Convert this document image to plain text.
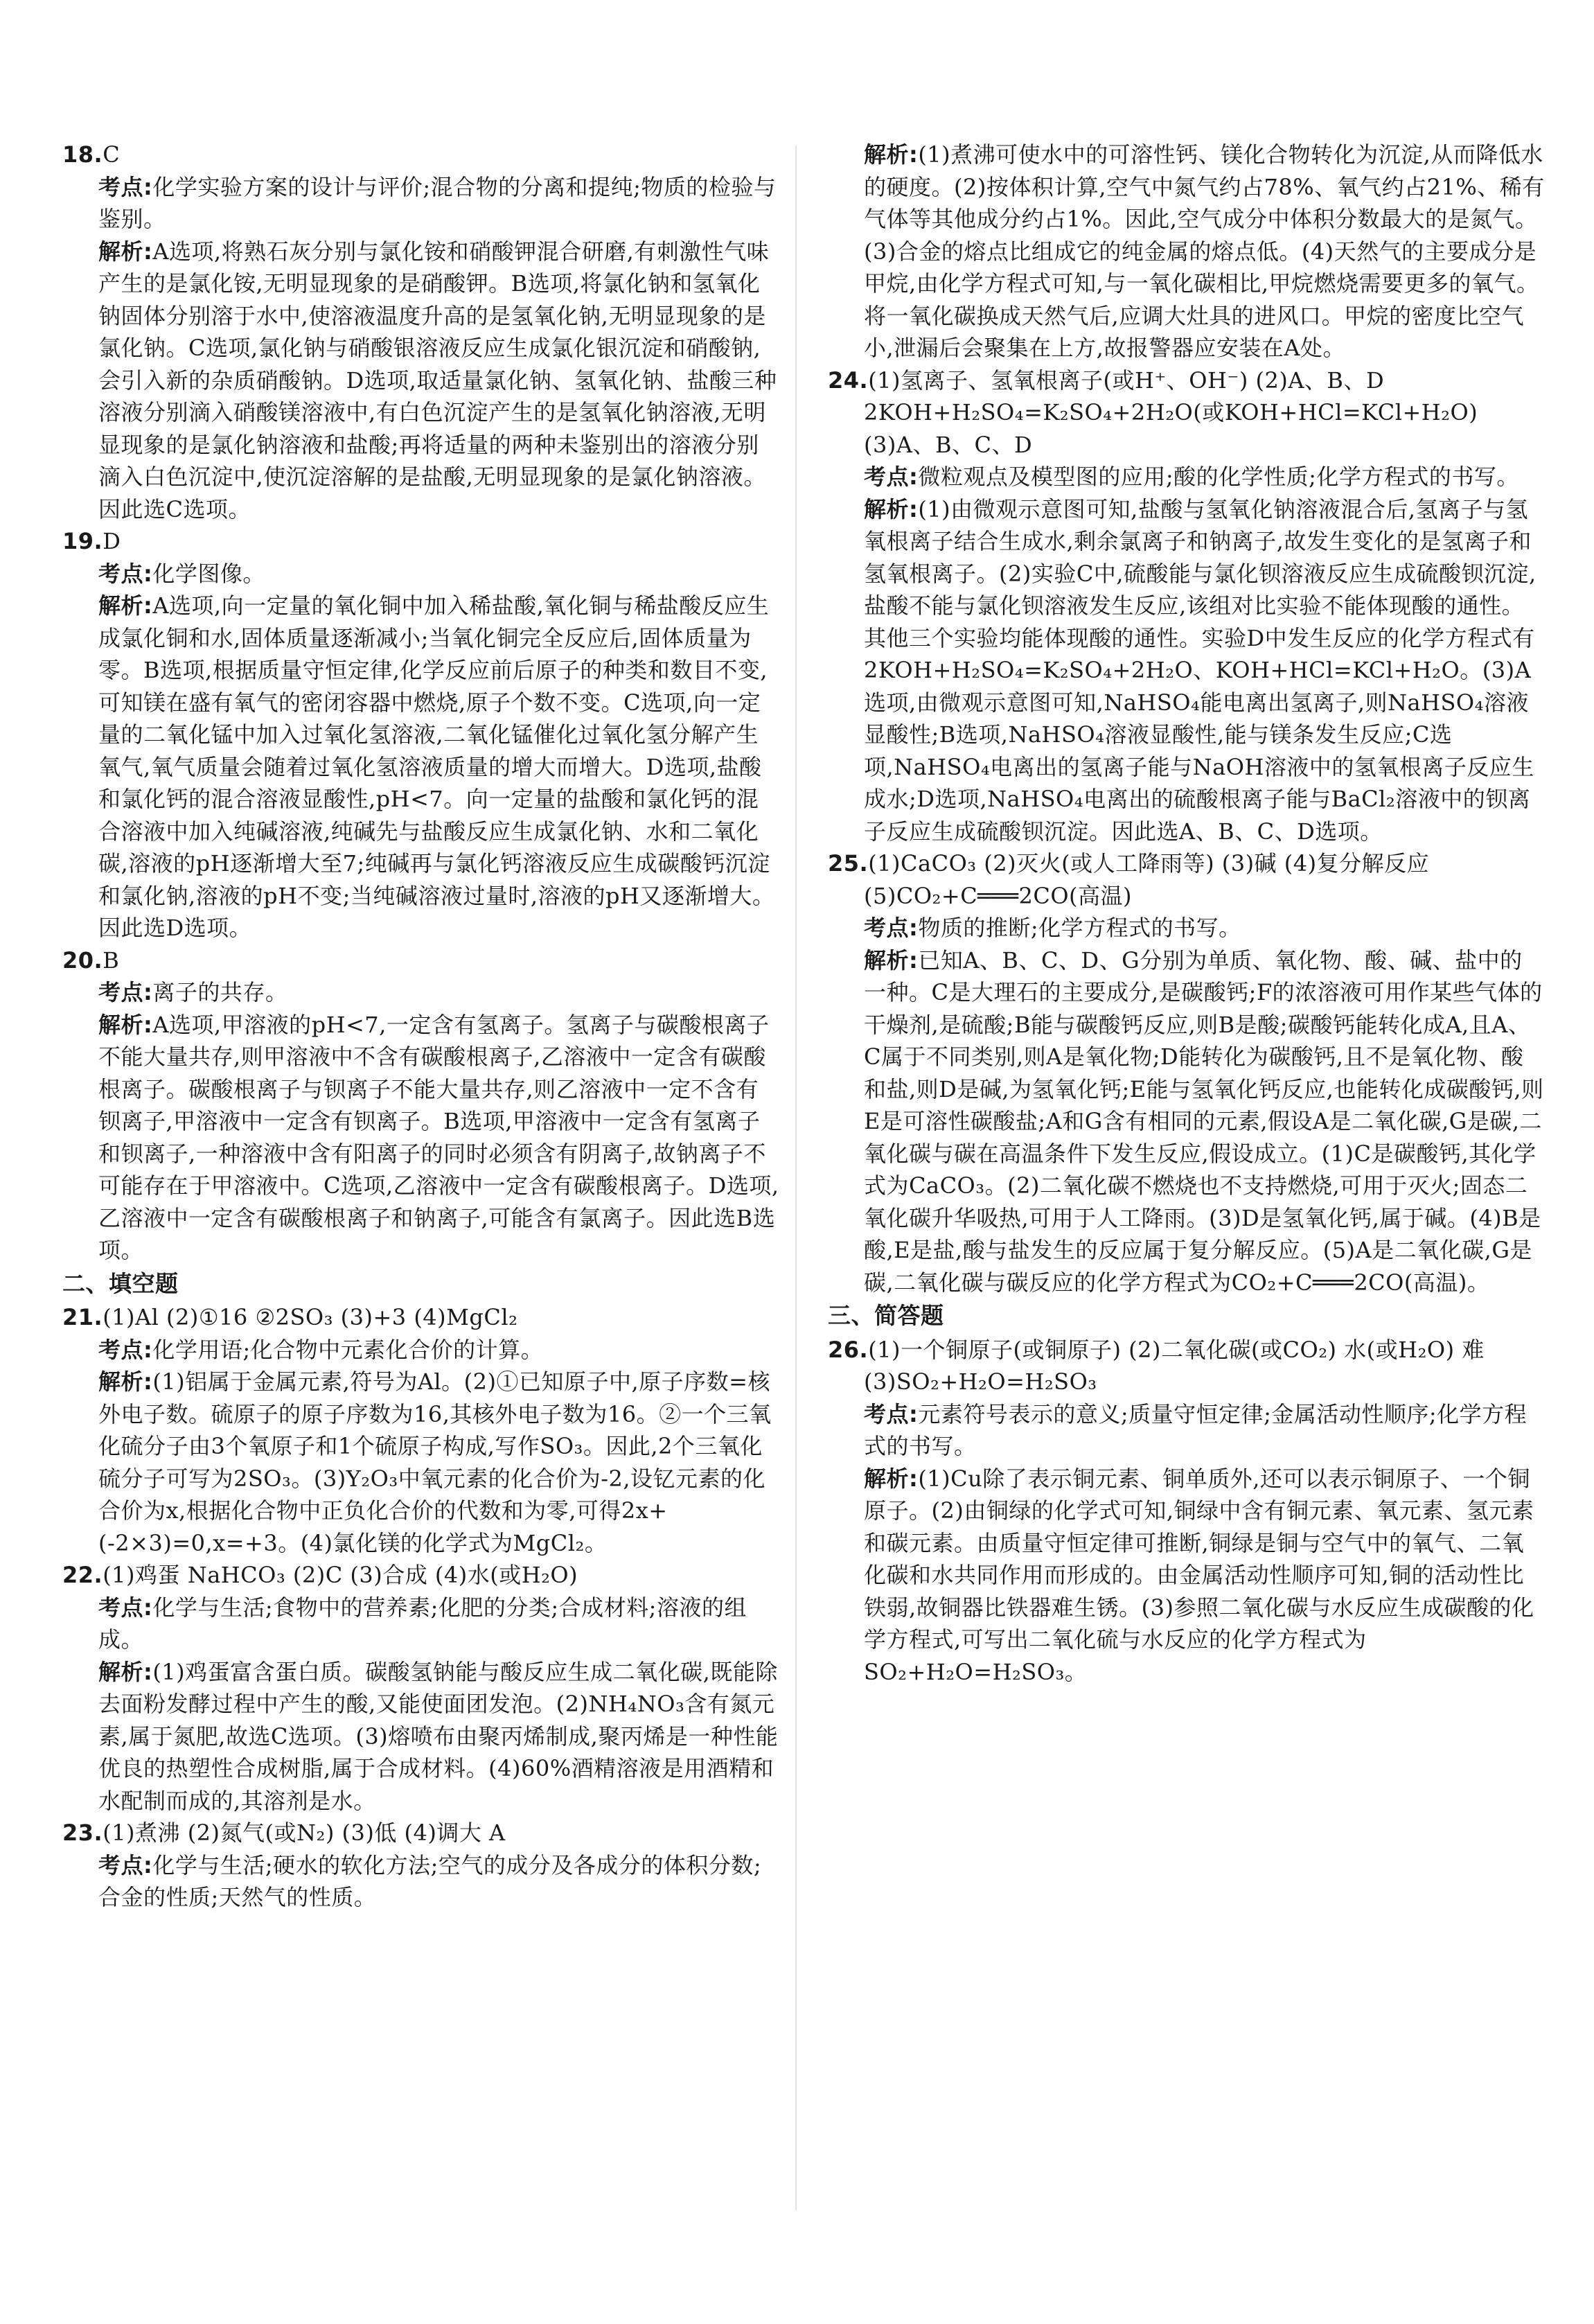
18.C

考点:化学实验方案的设计与评价;混合物的分离和提纯;物质的检验与鉴别。

解析:A选项,将熟石灰分别与氯化铵和硝酸钾混合研磨,有刺激性气味产生的是氯化铵,无明显现象的是硝酸钾。B选项,将氯化钠和氢氧化钠固体分别溶于水中,使溶液温度升高的是氢氧化钠,无明显现象的是氯化钠。C选项,氯化钠与硝酸银溶液反应生成氯化银沉淀和硝酸钠,会引入新的杂质硝酸钠。D选项,取适量氯化钠、氢氧化钠、盐酸三种溶液分别滴入硝酸镁溶液中,有白色沉淀产生的是氢氧化钠溶液,无明显现象的是氯化钠溶液和盐酸;再将适量的两种未鉴别出的溶液分别滴入白色沉淀中,使沉淀溶解的是盐酸,无明显现象的是氯化钠溶液。因此选C选项。

19.D

考点:化学图像。

解析:A选项,向一定量的氧化铜中加入稀盐酸,氧化铜与稀盐酸反应生成氯化铜和水,固体质量逐渐减小;当氧化铜完全反应后,固体质量为零。B选项,根据质量守恒定律,化学反应前后原子的种类和数目不变,可知镁在盛有氧气的密闭容器中燃烧,原子个数不变。C选项,向一定量的二氧化锰中加入过氧化氢溶液,二氧化锰催化过氧化氢分解产生氧气,氧气质量会随着过氧化氢溶液质量的增大而增大。D选项,盐酸和氯化钙的混合溶液显酸性,pH<7。向一定量的盐酸和氯化钙的混合溶液中加入纯碱溶液,纯碱先与盐酸反应生成氯化钠、水和二氧化碳,溶液的pH逐渐增大至7;纯碱再与氯化钙溶液反应生成碳酸钙沉淀和氯化钠,溶液的pH不变;当纯碱溶液过量时,溶液的pH又逐渐增大。因此选D选项。

20.B

考点:离子的共存。

解析:A选项,甲溶液的pH<7,一定含有氢离子。氢离子与碳酸根离子不能大量共存,则甲溶液中不含有碳酸根离子,乙溶液中一定含有碳酸根离子。碳酸根离子与钡离子不能大量共存,则乙溶液中一定不含有钡离子,甲溶液中一定含有钡离子。B选项,甲溶液中一定含有氢离子和钡离子,一种溶液中含有阳离子的同时必须含有阴离子,故钠离子不可能存在于甲溶液中。C选项,乙溶液中一定含有碳酸根离子。D选项,乙溶液中一定含有碳酸根离子和钠离子,可能含有氯离子。因此选B选项。

二、填空题

21.(1)Al (2)①16 ②2SO₃ (3)+3 (4)MgCl₂

考点:化学用语;化合物中元素化合价的计算。

解析:(1)铝属于金属元素,符号为Al。(2)①已知原子中,原子序数=核外电子数。硫原子的原子序数为16,其核外电子数为16。②一个三氧化硫分子由3个氧原子和1个硫原子构成,写作SO₃。因此,2个三氧化硫分子可写为2SO₃。(3)Y₂O₃中氧元素的化合价为-2,设钇元素的化合价为x,根据化合物中正负化合价的代数和为零,可得2x+(-2×3)=0,x=+3。(4)氯化镁的化学式为MgCl₂。

22.(1)鸡蛋 NaHCO₃ (2)C (3)合成 (4)水(或H₂O)

考点:化学与生活;食物中的营养素;化肥的分类;合成材料;溶液的组成。

解析:(1)鸡蛋富含蛋白质。碳酸氢钠能与酸反应生成二氧化碳,既能除去面粉发酵过程中产生的酸,又能使面团发泡。(2)NH₄NO₃含有氮元素,属于氮肥,故选C选项。(3)熔喷布由聚丙烯制成,聚丙烯是一种性能优良的热塑性合成树脂,属于合成材料。(4)60%酒精溶液是用酒精和水配制而成的,其溶剂是水。

23.(1)煮沸 (2)氮气(或N₂) (3)低 (4)调大 A

考点:化学与生活;硬水的软化方法;空气的成分及各成分的体积分数;合金的性质;天然气的性质。

解析:(1)煮沸可使水中的可溶性钙、镁化合物转化为沉淀,从而降低水的硬度。(2)按体积计算,空气中氮气约占78%、氧气约占21%、稀有气体等其他成分约占1%。因此,空气成分中体积分数最大的是氮气。(3)合金的熔点比组成它的纯金属的熔点低。(4)天然气的主要成分是甲烷,由化学方程式可知,与一氧化碳相比,甲烷燃烧需要更多的氧气。将一氧化碳换成天然气后,应调大灶具的进风口。甲烷的密度比空气小,泄漏后会聚集在上方,故报警器应安装在A处。

24.(1)氢离子、氢氧根离子(或H⁺、OH⁻) (2)A、B、D 2KOH+H₂SO₄=K₂SO₄+2H₂O(或KOH+HCl=KCl+H₂O) (3)A、B、C、D

考点:微粒观点及模型图的应用;酸的化学性质;化学方程式的书写。

解析:(1)由微观示意图可知,盐酸与氢氧化钠溶液混合后,氢离子与氢氧根离子结合生成水,剩余氯离子和钠离子,故发生变化的是氢离子和氢氧根离子。(2)实验C中,硫酸能与氯化钡溶液反应生成硫酸钡沉淀,盐酸不能与氯化钡溶液发生反应,该组对比实验不能体现酸的通性。其他三个实验均能体现酸的通性。实验D中发生反应的化学方程式有2KOH+H₂SO₄=K₂SO₄+2H₂O、KOH+HCl=KCl+H₂O。(3)A选项,由微观示意图可知,NaHSO₄能电离出氢离子,则NaHSO₄溶液显酸性;B选项,NaHSO₄溶液显酸性,能与镁条发生反应;C选项,NaHSO₄电离出的氢离子能与NaOH溶液中的氢氧根离子反应生成水;D选项,NaHSO₄电离出的硫酸根离子能与BaCl₂溶液中的钡离子反应生成硫酸钡沉淀。因此选A、B、C、D选项。

25.(1)CaCO₃ (2)灭火(或人工降雨等) (3)碱 (4)复分解反应 (5)CO₂+C═══2CO(高温)

考点:物质的推断;化学方程式的书写。

解析:已知A、B、C、D、G分别为单质、氧化物、酸、碱、盐中的一种。C是大理石的主要成分,是碳酸钙;F的浓溶液可用作某些气体的干燥剂,是硫酸;B能与碳酸钙反应,则B是酸;碳酸钙能转化成A,且A、C属于不同类别,则A是氧化物;D能转化为碳酸钙,且不是氧化物、酸和盐,则D是碱,为氢氧化钙;E能与氢氧化钙反应,也能转化成碳酸钙,则E是可溶性碳酸盐;A和G含有相同的元素,假设A是二氧化碳,G是碳,二氧化碳与碳在高温条件下发生反应,假设成立。(1)C是碳酸钙,其化学式为CaCO₃。(2)二氧化碳不燃烧也不支持燃烧,可用于灭火;固态二氧化碳升华吸热,可用于人工降雨。(3)D是氢氧化钙,属于碱。(4)B是酸,E是盐,酸与盐发生的反应属于复分解反应。(5)A是二氧化碳,G是碳,二氧化碳与碳反应的化学方程式为CO₂+C═══2CO(高温)。

三、简答题

26.(1)一个铜原子(或铜原子) (2)二氧化碳(或CO₂) 水(或H₂O) 难 (3)SO₂+H₂O=H₂SO₃

考点:元素符号表示的意义;质量守恒定律;金属活动性顺序;化学方程式的书写。

解析:(1)Cu除了表示铜元素、铜单质外,还可以表示铜原子、一个铜原子。(2)由铜绿的化学式可知,铜绿中含有铜元素、氧元素、氢元素和碳元素。由质量守恒定律可推断,铜绿是铜与空气中的氧气、二氧化碳和水共同作用而形成的。由金属活动性顺序可知,铜的活动性比铁弱,故铜器比铁器难生锈。(3)参照二氧化碳与水反应生成碳酸的化学方程式,可写出二氧化硫与水反应的化学方程式为SO₂+H₂O=H₂SO₃。
